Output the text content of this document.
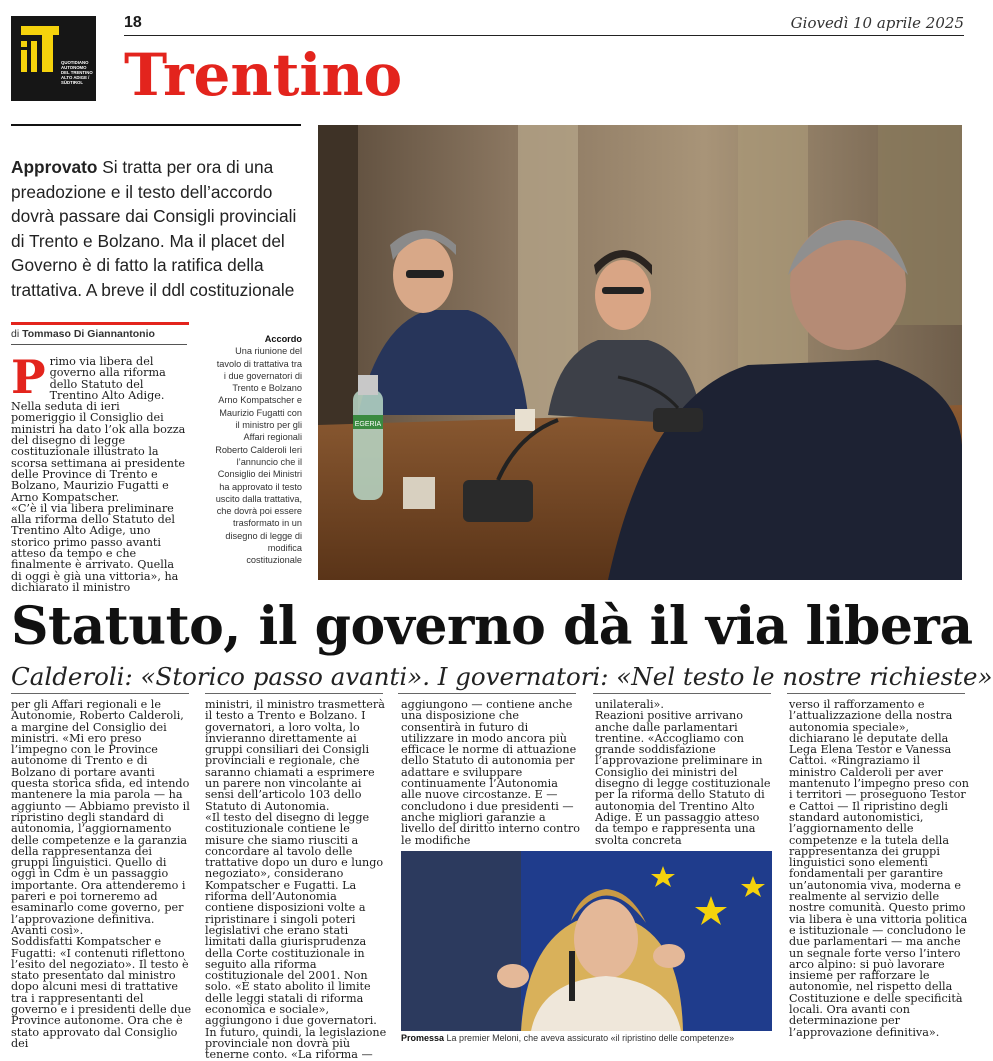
QUOTIDIANO AUTONOMO DEL TRENTINO ALTO ADIGE / SÜDTIROL
18	Giovedì 10 aprile 2025
Trentino
Approvato Si tratta per ora di una preadozione e il testo dell’accordo dovrà passare dai Consigli provinciali di Trento e Bolzano. Ma il placet del Governo è di fatto la ratifica della trattativa. A breve il ddl costituzionale
di Tommaso Di Giannantonio

Primo via libera del governo alla riforma dello Statuto del Trentino Alto Adige. Nella seduta di ieri pomeriggio il Consiglio dei ministri ha dato l’ok alla bozza del disegno di legge costituzionale illustrato la scorsa settimana ai presidente delle Province di Trento e Bolzano, Maurizio Fugatti e Arno Kompatscher.

«C’è il via libera preliminare alla riforma dello Statuto del Trentino Alto Adige, uno storico primo passo avanti atteso da tempo e che finalmente è arrivato. Quella di oggi è già una vittoria», ha dichiarato il ministro

Accordo
Una riunione del tavolo di trattativa tra i due governatori di Trento e Bolzano Arno Kompatscher e Maurizio Fugatti con il ministro per gli Affari regionali Roberto Calderoli Ieri l’annuncio che il Consiglio dei Ministri ha approvato il testo uscito dalla trattativa, che dovrà poi essere trasformato in un disegno di legge di modifica costituzionale
EGERIA
Statuto, il governo dà il via libera
Calderoli: «Storico passo avanti». I governatori: «Nel testo le nostre richieste»

per gli Affari regionali e le Autonomie, Roberto Calderoli, a margine del Consiglio dei ministri. «Mi ero preso l’impegno con le Province autonome di Trento e di Bolzano di portare avanti questa storica sfida, ed intendo mantenere la mia parola — ha aggiunto — Abbiamo previsto il ripristino degli standard di autonomia, l’aggiornamento delle competenze e la garanzia della rappresentanza dei gruppi linguistici. Quello di oggi in Cdm è un passaggio importante. Ora attenderemo i pareri e poi torneremo ad esaminarlo come governo, per l’approvazione definitiva. Avanti così».

Soddisfatti Kompatscher e Fugatti: «I contenuti riflettono l’esito del negoziato». Il testo è stato presentato dal ministro dopo alcuni mesi di trattative tra i rappresentanti del governo e i presidenti delle due Province autonome. Ora che è stato approvato dal Consiglio dei

ministri, il ministro trasmetterà il testo a Trento e Bolzano. I governatori, a loro volta, lo invieranno direttamente ai gruppi consiliari dei Consigli provinciali e regionale, che saranno chiamati a esprimere un parere non vincolante ai sensi dell’articolo 103 dello Statuto di Autonomia.

«Il testo del disegno di legge costituzionale contiene le misure che siamo riusciti a concordare al tavolo delle trattative dopo un duro e lungo negoziato», considerano Kompatscher e Fugatti. La riforma dell’Autonomia contiene disposizioni volte a ripristinare i singoli poteri legislativi che erano stati limitati dalla giurisprudenza della Corte costituzionale in seguito alla riforma costituzionale del 2001. Non solo. «È stato abolito il limite delle leggi statali di riforma economica e sociale», aggiungono i due governatori. In futuro, quindi, la legislazione provinciale non dovrà più tenerne conto. «La riforma —

aggiungono — contiene anche una disposizione che consentirà in futuro di utilizzare in modo ancora più efficace le norme di attuazione dello Statuto di autonomia per adattare e sviluppare continuamente l’Autonomia alle nuove circostanze. E — concludono i due presidenti — anche migliori garanzie a livello del diritto interno contro le modifiche

unilaterali».

Reazioni positive arrivano anche dalle parlamentari trentine. «Accogliamo con grande soddisfazione l’approvazione preliminare in Consiglio dei ministri del disegno di legge costituzionale per la riforma dello Statuto di autonomia del Trentino Alto Adige. È un passaggio atteso da tempo e rappresenta una svolta concreta

verso il rafforzamento e l’attualizzazione della nostra autonomia speciale», dichiarano le deputate della Lega Elena Testor e Vanessa Cattoi. «Ringraziamo il ministro Calderoli per aver mantenuto l’impegno preso con i territori — proseguono Testor e Cattoi — Il ripristino degli standard autonomistici, l’aggiornamento delle competenze e la tutela della rappresentanza dei gruppi linguistici sono elementi fondamentali per garantire un’autonomia viva, moderna e realmente al servizio delle nostre comunità. Questo primo via libera è una vittoria politica e istituzionale — concludono le due parlamentari — ma anche un segnale forte verso l’intero arco alpino: si può lavorare insieme per rafforzare le autonomie, nel rispetto della Costituzione e delle specificità locali. Ora avanti con determinazione per l’approvazione definitiva».

Promessa La premier Meloni, che aveva assicurato «il ripristino delle competenze»
